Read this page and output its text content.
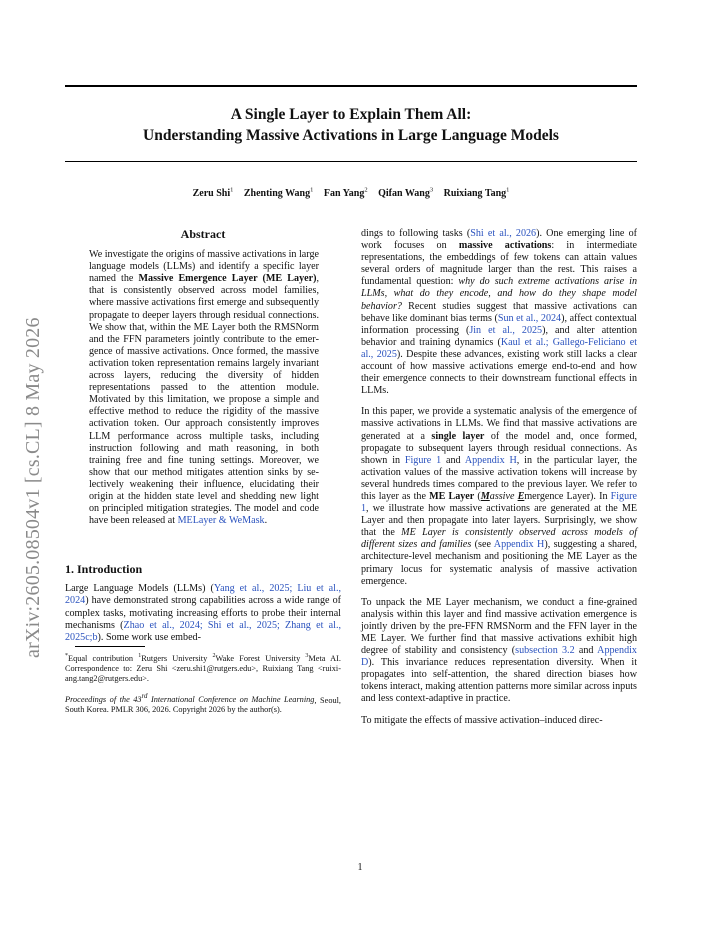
A Single Layer to Explain Them All:
Understanding Massive Activations in Large Language Models
Zeru Shi$^1$ Zhenting Wang$^1$ Fan Yang$^2$ Qifan Wang$^3$ Ruixiang Tang$^1$
arXiv:2605.08504v1 [cs.CL] 8 May 2026
Abstract

We investigate the origins of massive activations in large language models (LLMs) and identify a specific layer named the Massive Emergence Layer (ME Layer), that is consistently observed across model families, where massive activations first emerge and subsequently propagate to deeper layers through residual connections. We show that, within the ME Layer both the RMSNorm and the FFN parameters jointly contribute to the emergence of massive activations. Once formed, the massive activation token representation remains largely invariant across layers, reducing the diversity of hidden representations passed to the attention module. Motivated by this limitation, we propose a simple and effective method to reduce the rigidity of the massive activation token. Our approach consistently improves LLM performance across multiple tasks, including instruction following and math reasoning, in both training free and fine tuning settings. Moreover, we show that our method mitigates attention sinks by selectively weakening their influence, elucidating their origin at the hidden state level and shedding new light on principled mitigation strategies. The model and code have been released at MELayer & WeMask.

1. Introduction

Large Language Models (LLMs) (Yang et al., 2025; Liu et al., 2024) have demonstrated strong capabilities across a wide range of complex tasks, motivating increasing efforts to probe their internal mechanisms (Zhao et al., 2024; Shi et al., 2025; Zhang et al., 2025c;b). Some work use embed-

*Equal contribution $^1$Rutgers University $^2$Wake Forest University $^3$Meta AI. Correspondence to: Zeru Shi <zeru.shi1@rutgers.edu>, Ruixiang Tang <ruixiang.tang2@rutgers.edu>.

Proceedings of the 43rd International Conference on Machine Learning, Seoul, South Korea. PMLR 306, 2026. Copyright 2026 by the author(s).

dings to following tasks (Shi et al., 2026). One emerging line of work focuses on massive activations: in intermediate representations, the embeddings of few tokens can attain values several orders of magnitude larger than the rest. This raises a fundamental question: why do such extreme activations arise in LLMs, what do they encode, and how do they shape model behavior? Recent studies suggest that massive activations can behave like dominant bias terms (Sun et al., 2024), affect contextual information processing (Jin et al., 2025), and alter attention behavior and training dynamics (Kaul et al.; Gallego-Feliciano et al., 2025). Despite these advances, existing work still lacks a clear account of how massive activations emerge end-to-end and how their emergence connects to their downstream functional effects in LLMs.

In this paper, we provide a systematic analysis of the emergence of massive activations in LLMs. We find that massive activations are generated at a single layer of the model and, once formed, propagate to subsequent layers through residual connections. As shown in Figure 1 and Appendix H, in the particular layer, the activation values of the massive activation tokens will increase by several hundreds times compared to the previous layer. We refer to this layer as the ME Layer (Massive Emergence Layer). In Figure 1, we illustrate how massive activations are generated at the ME Layer and then propagate into later layers. Surprisingly, we show that the ME Layer is consistently observed across models of different sizes and families (see Appendix H), suggesting a shared, architecture-level mechanism and positioning the ME Layer as the primary locus for systematic analysis of massive activation emergence.

To unpack the ME Layer mechanism, we conduct a fine-grained analysis within this layer and find massive activation emergence is jointly driven by the pre-FFN RMSNorm and the FFN layer in the ME Layer. We further find that massive activations exhibit high degree of stability and consistency (subsection 3.2 and Appendix D). This invariance reduces representation diversity. When it propagates into self-attention, the shared direction biases how tokens interact, making attention patterns more similar across inputs and less context-adaptive in practice.

To mitigate the effects of massive activation–induced direc-

1
